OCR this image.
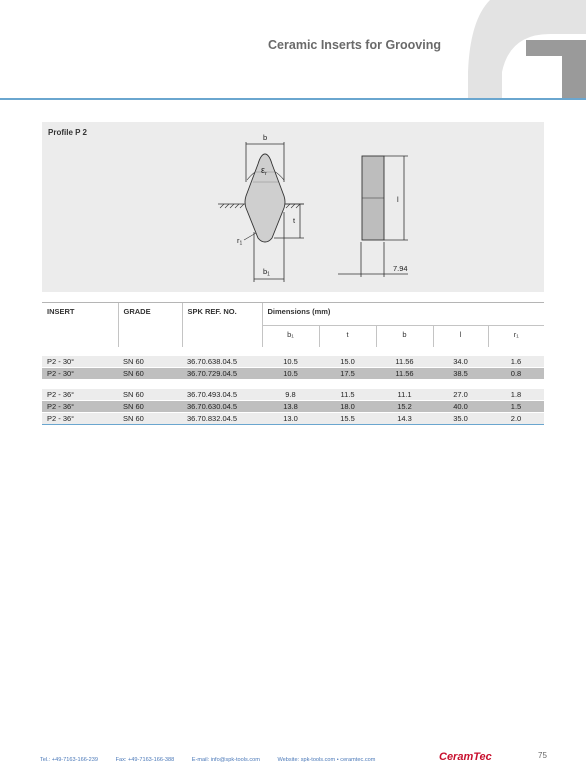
Ceramic Inserts for Grooving
Profile P 2
b
$b_1$
$\varepsilon_r$
t
$r_1$
l
7.94
INSERT	GRADE	SPK REF. NO.	Dimensions (mm)				
			b₁	t	b	l	r₁

P2 - 30°	SN 60	36.70.638.04.5	10.5	15.0	11.56	34.0	1.6
P2 - 30°	SN 60	36.70.729.04.5	10.5	17.5	11.56	38.5	0.8

P2 - 36°	SN 60	36.70.493.04.5	9.8	11.5	11.1	27.0	1.8
P2 - 36°	SN 60	36.70.630.04.5	13.8	18.0	15.2	40.0	1.5
P2 - 36°	SN 60	36.70.832.04.5	13.0	15.5	14.3	35.0	2.0
Tel.: +49-7163-166-239	Fax: +49-7163-166-388	E-mail: info@spk-tools.com	Website: spk-tools.com • ceramtec.com	CeramTec	75
